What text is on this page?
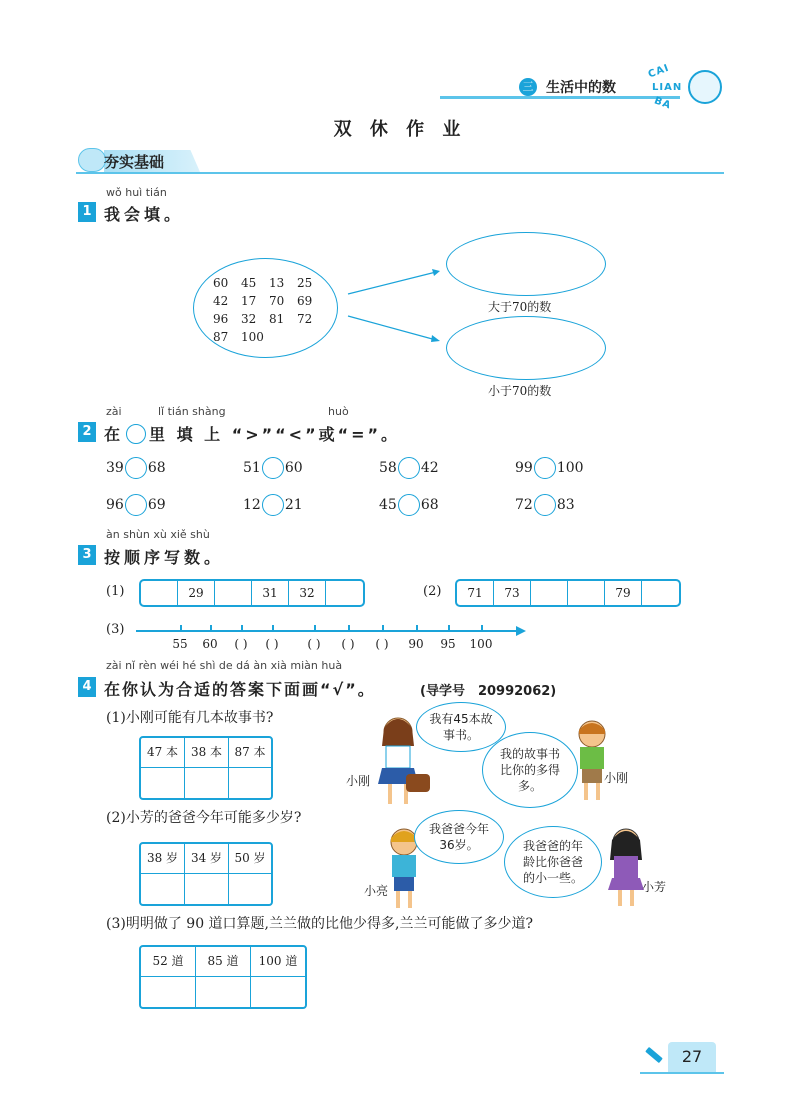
三 生活中的数
CAI
LIAN
BA
双 休 作 业
夯实基础
wǒ huì tián
1 我会填。
60 45 13 25
42 17 70 69
96 32 81 72
87 100
大于70的数
小于70的数
zài	lǐ tián shàng	huò
2 在 里 填 上 “>”“<”或“=”。
39 68	51 60	58 42	99 100
96 69	12 21	45 68	72 83
àn shùn xù xiě shù
3 按顺序写数。
(1)	29	31	32	(2)	71	73	79
(3)
55	60	( )	( )	( )	( )	( )	90	95	100
zài nǐ rèn wéi hé shì de dá àn xià miàn huà
4 在你认为合适的答案下面画“√”。	(导学号　20992062)
(1)小刚可能有几本故事书?
47 本	38 本	87 本
小刚
我有45本故事书。
我的故事书比你的多得多。
小刚
(2)小芳的爸爸今年可能多少岁?
38 岁	34 岁	50 岁
小亮
我爸爸今年36岁。	我爸爸的年龄比你爸爸的小一些。
小芳
(3)明明做了 90 道口算题,兰兰做的比他少得多,兰兰可能做了多少道?
52 道	85 道	100 道
27
